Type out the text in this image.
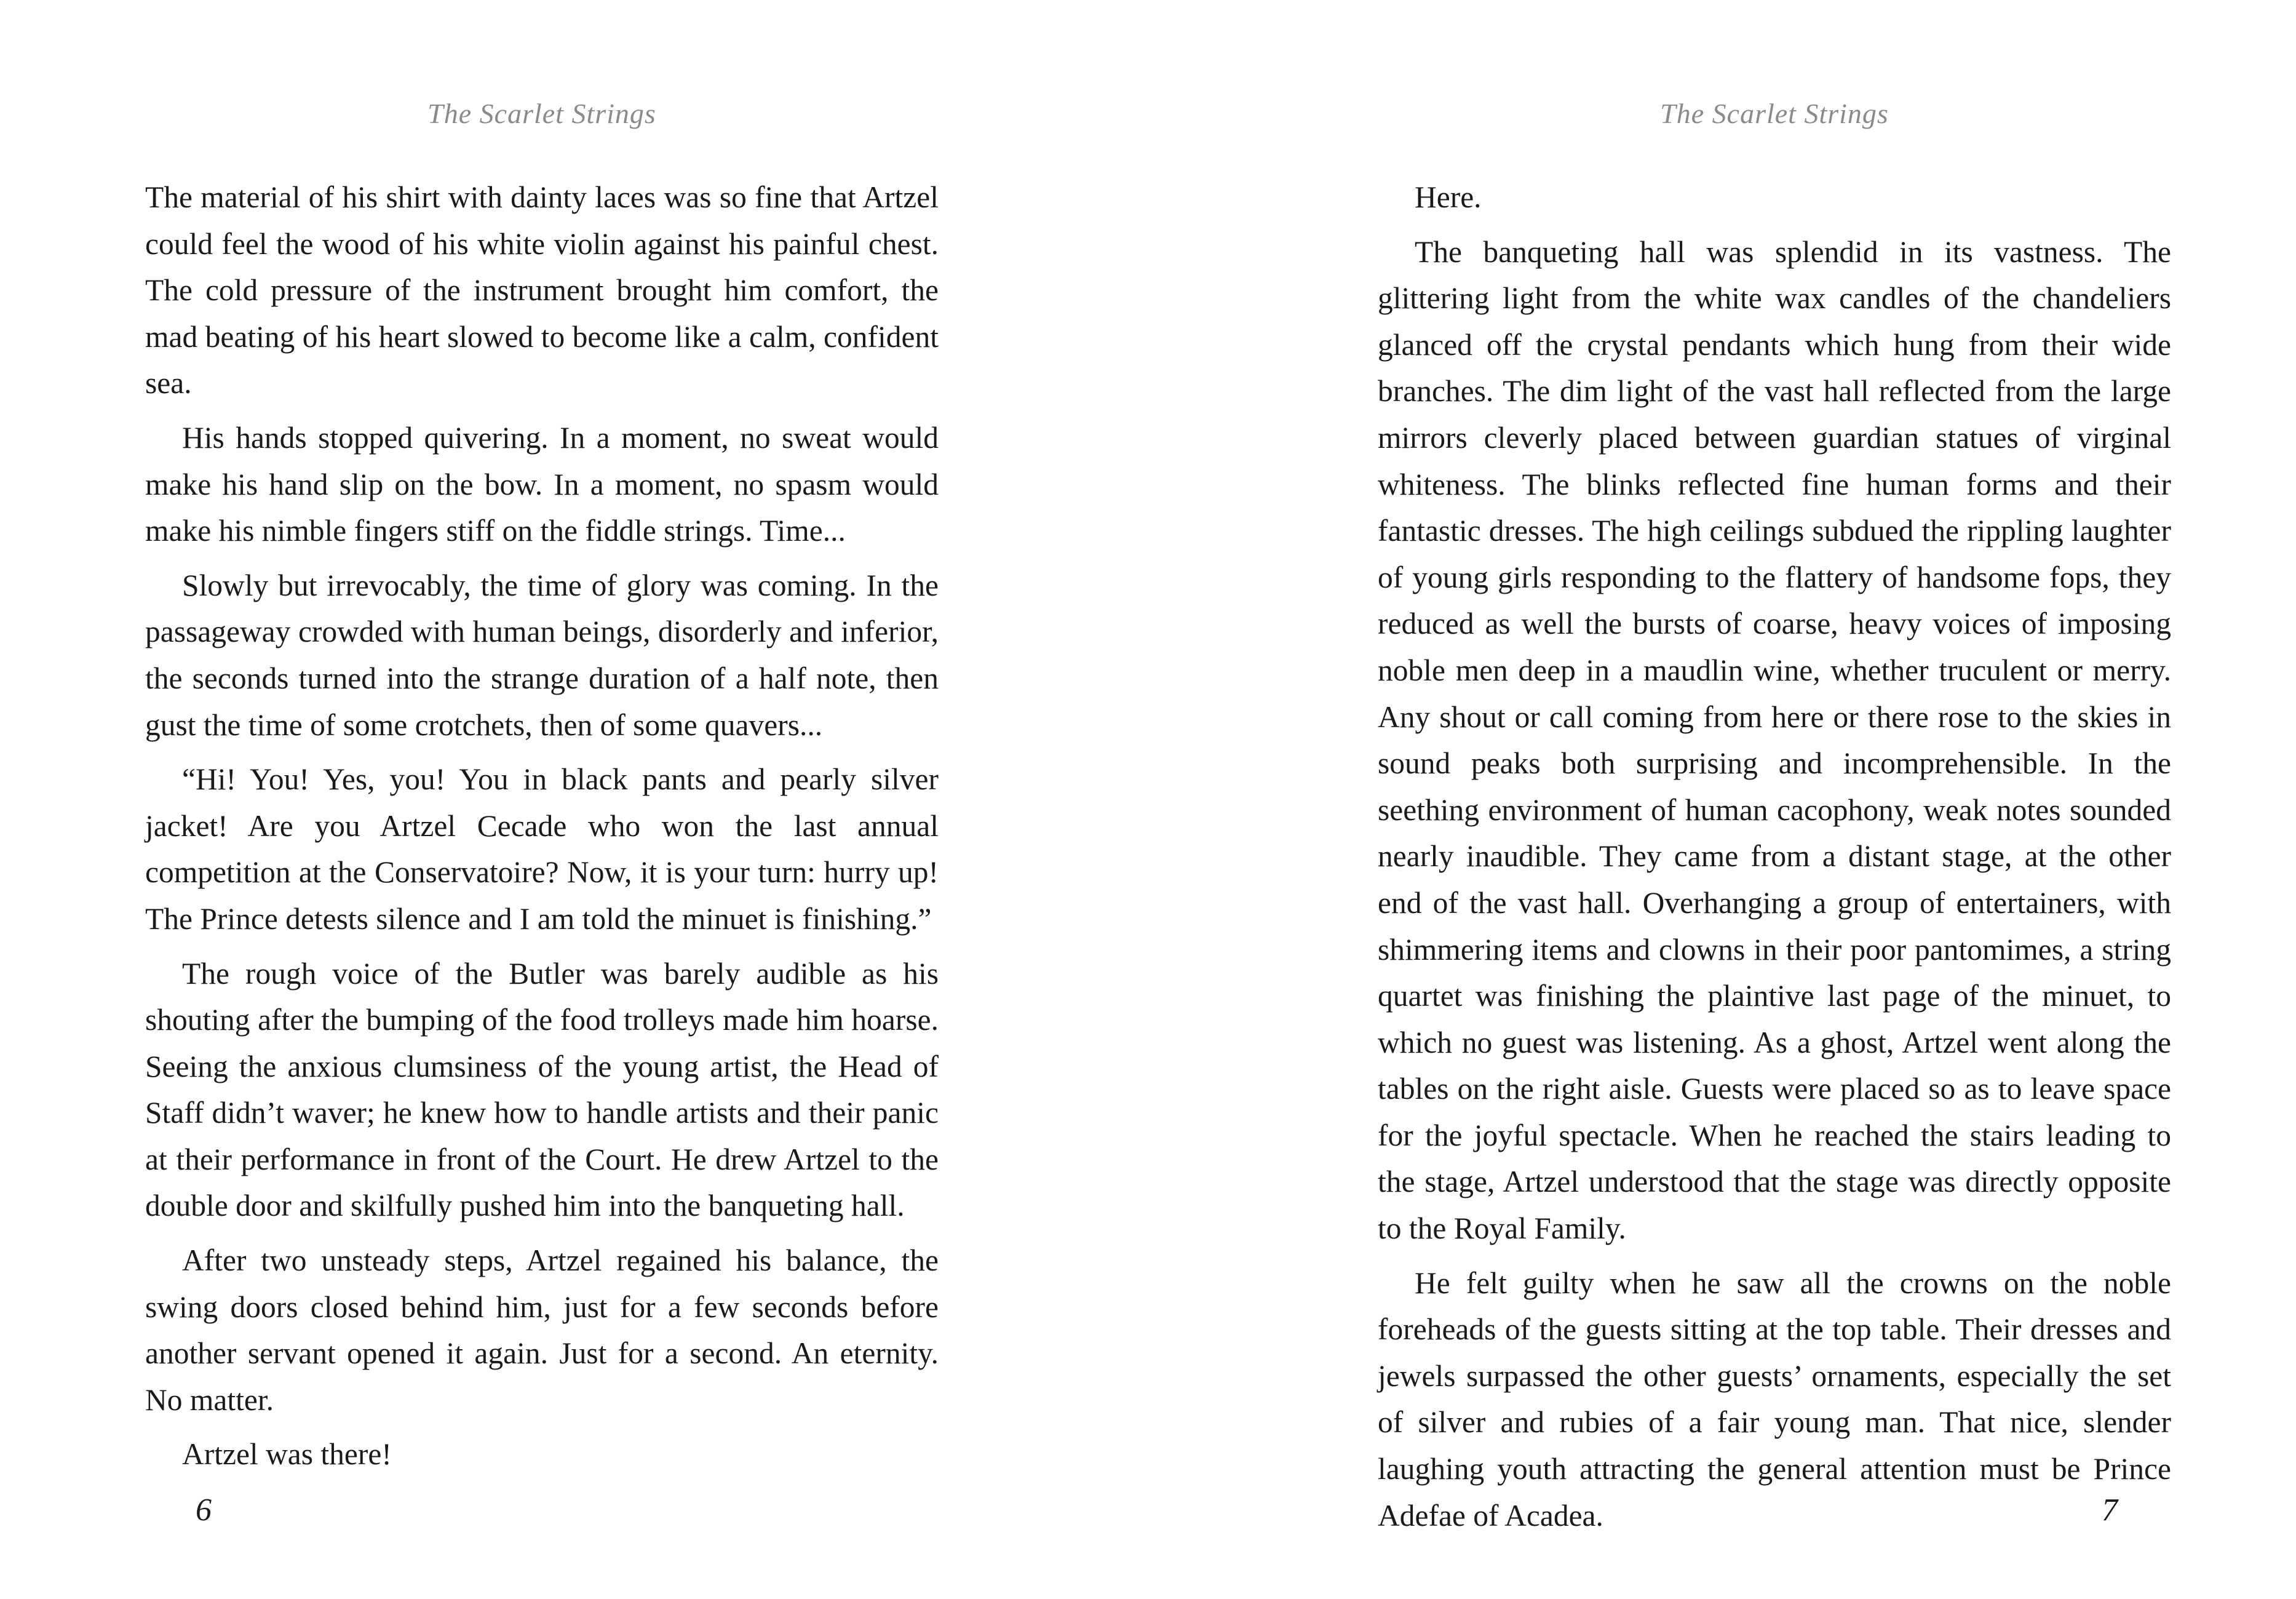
The Scarlet Strings

The material of his shirt with dainty laces was so fine that Artzel could feel the wood of his white violin against his painful chest. The cold pressure of the instrument brought him comfort, the mad beating of his heart slowed to become like a calm, confident sea.

His hands stopped quivering. In a moment, no sweat would make his hand slip on the bow. In a moment, no spasm would make his nimble fingers stiff on the fiddle strings. Time...

Slowly but irrevocably, the time of glory was coming. In the passageway crowded with human beings, disorderly and inferior, the seconds turned into the strange duration of a half note, then gust the time of some crotchets, then of some quavers...

“Hi! You! Yes, you! You in black pants and pearly silver jacket! Are you Artzel Cecade who won the last annual competition at the Conservatoire? Now, it is your turn: hurry up! The Prince detests silence and I am told the minuet is finishing.”

The rough voice of the Butler was barely audible as his shouting after the bumping of the food trolleys made him hoarse. Seeing the anxious clumsiness of the young artist, the Head of Staff didn’t waver; he knew how to handle artists and their panic at their performance in front of the Court. He drew Artzel to the double door and skilfully pushed him into the banqueting hall.

After two unsteady steps, Artzel regained his balance, the swing doors closed behind him, just for a few seconds before another servant opened it again. Just for a second. An eternity. No matter.

Artzel was there!

6
The Scarlet Strings

Here.

The banqueting hall was splendid in its vastness. The glittering light from the white wax candles of the chandeliers glanced off the crystal pendants which hung from their wide branches. The dim light of the vast hall reflected from the large mirrors cleverly placed between guardian statues of virginal whiteness. The blinks reflected fine human forms and their fantastic dresses. The high ceilings subdued the rippling laughter of young girls responding to the flattery of handsome fops, they reduced as well the bursts of coarse, heavy voices of imposing noble men deep in a maudlin wine, whether truculent or merry. Any shout or call coming from here or there rose to the skies in sound peaks both surprising and incomprehensible. In the seething environment of human cacophony, weak notes sounded nearly inaudible. They came from a distant stage, at the other end of the vast hall. Overhanging a group of entertainers, with shimmering items and clowns in their poor pantomimes, a string quartet was finishing the plaintive last page of the minuet, to which no guest was listening. As a ghost, Artzel went along the tables on the right aisle. Guests were placed so as to leave space for the joyful spectacle. When he reached the stairs leading to the stage, Artzel understood that the stage was directly opposite to the Royal Family.

He felt guilty when he saw all the crowns on the noble foreheads of the guests sitting at the top table. Their dresses and jewels surpassed the other guests’ ornaments, especially the set of silver and rubies of a fair young man. That nice, slender laughing youth attracting the general attention must be Prince Adefae of Acadea.	7
